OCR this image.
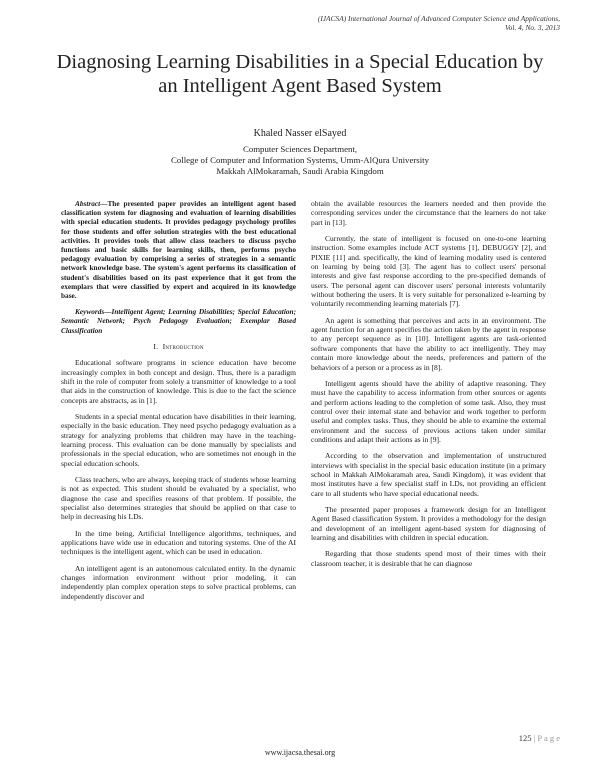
(IJACSA) International Journal of Advanced Computer Science and Applications,
Vol. 4, No. 3, 2013
Diagnosing Learning Disabilities in a Special Education by an Intelligent Agent Based System
Khaled Nasser elSayed
Computer Sciences Department,
College of Computer and Information Systems, Umm-AlQura University
Makkah AlMokaramah, Saudi Arabia Kingdom

Abstract—The presented paper provides an intelligent agent based classification system for diagnosing and evaluation of learning disabilities with special education students. It provides pedagogy psychology profiles for those students and offer solution strategies with the best educational activities. It provides tools that allow class teachers to discuss psycho functions and basic skills for learning skills, then, performs psycho pedagogy evaluation by comprising a series of strategies in a semantic network knowledge base. The system's agent performs its classification of student's disabilities based on its past experience that it got from the exemplars that were classified by expert and acquired in its knowledge base.

Keywords—Intelligent Agent; Learning Disabilities; Special Education; Semantic Network; Psych Pedagogy Evaluation; Exemplar Based Classification

I. Introduction

Educational software programs in science education have become increasingly complex in both concept and design. Thus, there is a paradigm shift in the role of computer from solely a transmitter of knowledge to a tool that aids in the construction of knowledge. This is due to the fact the science concepts are abstracts, as in [1].

Students in a special mental education have disabilities in their learning, especially in the basic education. They need psycho pedagogy evaluation as a strategy for analyzing problems that children may have in the teaching-learning process. This evaluation can be done manually by specialists and professionals in the special education, who are sometimes not enough in the special education schools.

Class teachers, who are always, keeping track of students whose learning is not as expected. This student should be evaluated by a specialist, who diagnose the case and specifies reasons of that problem. If possible, the specialist also determines strategies that should be applied on that case to help in decreasing his LDs.

In the time being, Artificial Intelligence algorithms, techniques, and applications have wide use in education and tutoring systems. One of the AI techniques is the intelligent agent, which can be used in education.

An intelligent agent is an autonomous calculated entity. In the dynamic changes information environment without prior modeling, it can independently plan complex operation steps to solve practical problems, can independently discover and

obtain the available resources the learners needed and then provide the corresponding services under the circumstance that the learners do not take part in [13].

Currently, the state of intelligent is focused on one-to-one learning instruction. Some examples include ACT systems [1], DEBUGGY [2], and PIXIE [11] and. specifically, the kind of learning modality used is centered on learning by being told [3]. The agent has to collect users' personal interests and give fast response according to the pre-specified demands of users. The personal agent can discover users' personal interests voluntarily without bothering the users. It is very suitable for personalized e-learning by voluntarily recommending learning materials [7].

An agent is something that perceives and acts in an environment. The agent function for an agent specifies the action taken by the agent in response to any percept sequence as in [10]. Intelligent agents are task-oriented software components that have the ability to act intelligently. They may contain more knowledge about the needs, preferences and pattern of the behaviors of a person or a process as in [8].

Intelligent agents should have the ability of adaptive reasoning. They must have the capability to access information from other sources or agents and perform actions leading to the completion of some task. Also, they must control over their internal state and behavior and work together to perform useful and complex tasks. Thus, they should be able to examine the external environment and the success of previous actions taken under similar conditions and adapt their actions as in [9].

According to the observation and implementation of unstructured interviews with specialist in the special basic education institute (in a primary school in Makkah AlMokaramah area, Saudi Kingdom), it was evident that most institutes have a few specialist staff in LDs, not providing an efficient care to all students who have special educational needs.

The presented paper proposes a framework design for an Intelligent Agent Based classification System. It provides a methodology for the design and development of an intelligent agent-based system for diagnosing of learning and disabilities with children in special education.

Regarding that those students spend most of their times with their classroom teacher, it is desirable that he can diagnose

125 | P a g e
www.ijacsa.thesai.org
